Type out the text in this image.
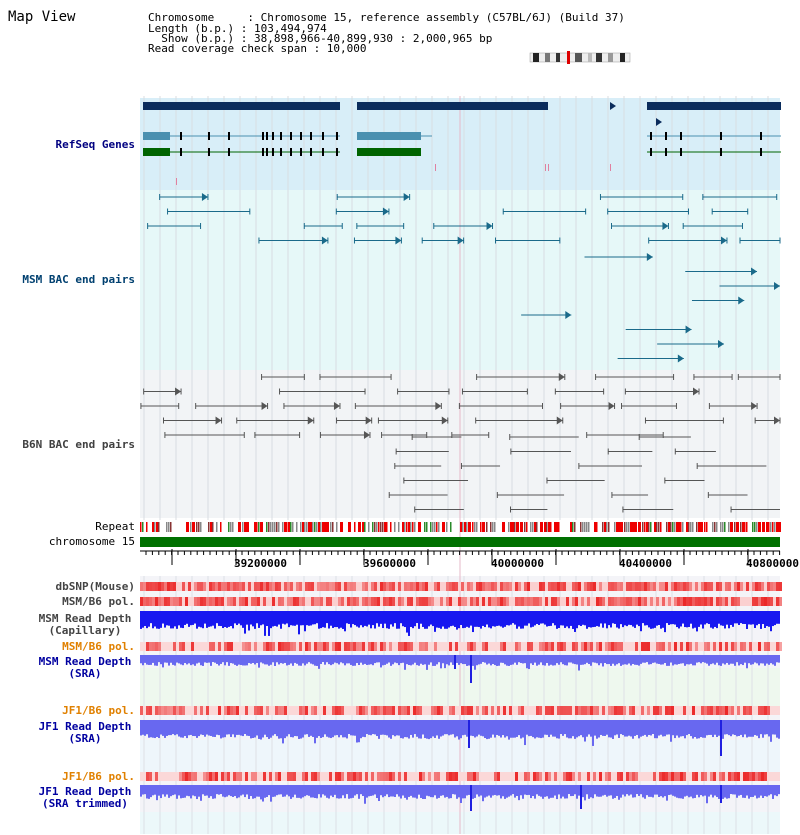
Map View	Chromosome     : Chromosome 15, reference assembly (C57BL/6J) (Build 37)
Length (b.p.) : 103,494,974
Show (b.p.) : 38,898,966-40,899,930 : 2,000,965 bp
Read coverage check span : 10,000
RefSeq Genes
MSM BAC end pairs
B6N BAC end pairs
Repeat
chromosome 15
dbSNP(Mouse)
MSM/B6 pol.
MSM Read Depth
(Capillary)
MSM/B6 pol.
MSM Read Depth
(SRA)
JF1/B6 pol.
JF1 Read Depth
(SRA)
JF1/B6 pol.
JF1 Read Depth
(SRA trimmed)
39200000	39600000	40000000	40400000	40800000
